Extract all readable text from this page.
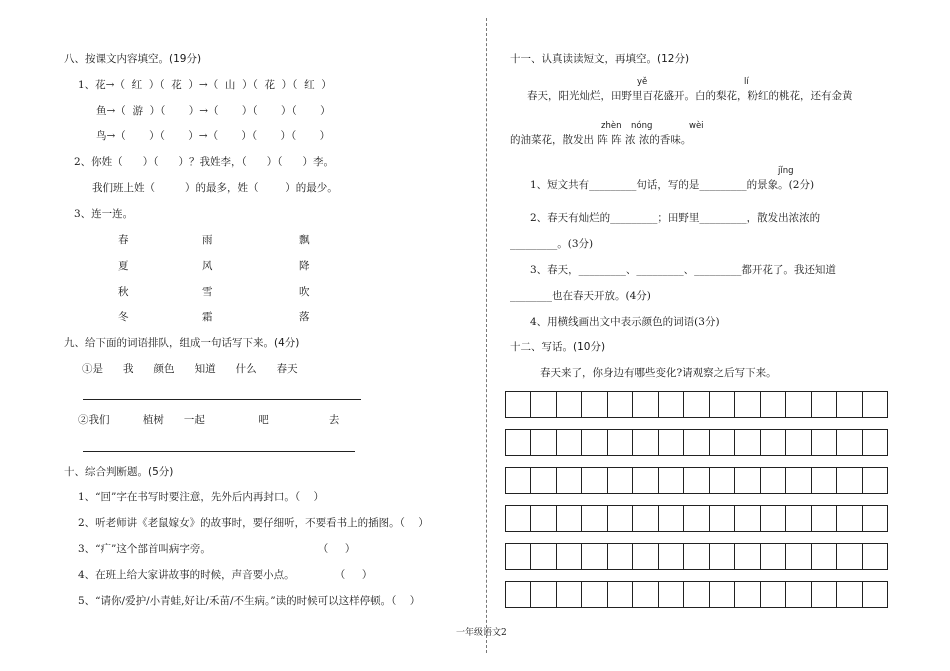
八、按课文内容填空。(19分)
1、花→（  红  ）（  花  ）→（  山  ）（  花  ）（  红  ）
鱼→（  游  ）（       ）→（       ）（       ）（       ）
鸟→（       ）（       ）→（       ）（       ）（       ）
2、你姓（      ）（      ）？我姓李，（      ）（      ）李。
我们班上姓（         ）的最多，姓（        ）的最少。
3、连一连。
春
夏
秋
冬
雨
风
雪
霜
飘
降
吹
落
九、给下面的词语排队，组成一句话写下来。(4分)
①是      我      颜色      知道      什么      春天
②我们          植树      一起                吧                  去
十、综合判断题。(5分)
1、“回”字在书写时要注意，先外后内再封口。（    ）
2、听老师讲《老鼠嫁女》的故事时，要仔细听，不要看书上的插图。（    ）
3、“疒”这个部首叫病字旁。                                （     ）
4、在班上给大家讲故事的时候，声音要小点。            （     ）
5、“请你/爱护/小青蛙,好让/禾苗/不生病。”读的时候可以这样停顿。（    ）
十一、认真读读短文，再填空。(12分)
yě	lí
春天，阳光灿烂，田野里百花盛开。白的梨花，粉红的桃花，还有金黄
zhèn nóng	wèi
的油菜花，散发出 阵 阵 浓 浓的香味。
jǐng
1、短文共有_________句话，写的是_________的景象。(2分)
2、春天有灿烂的_________；田野里_________，散发出浓浓的
_________。(3分)
3、春天，_________、_________、_________都开花了。我还知道
________也在春天开放。(4分)
4、用横线画出文中表示颜色的词语(3分)
十二、写话。(10分)
春天来了，你身边有哪些变化?请观察之后写下来。
一年级语文2
